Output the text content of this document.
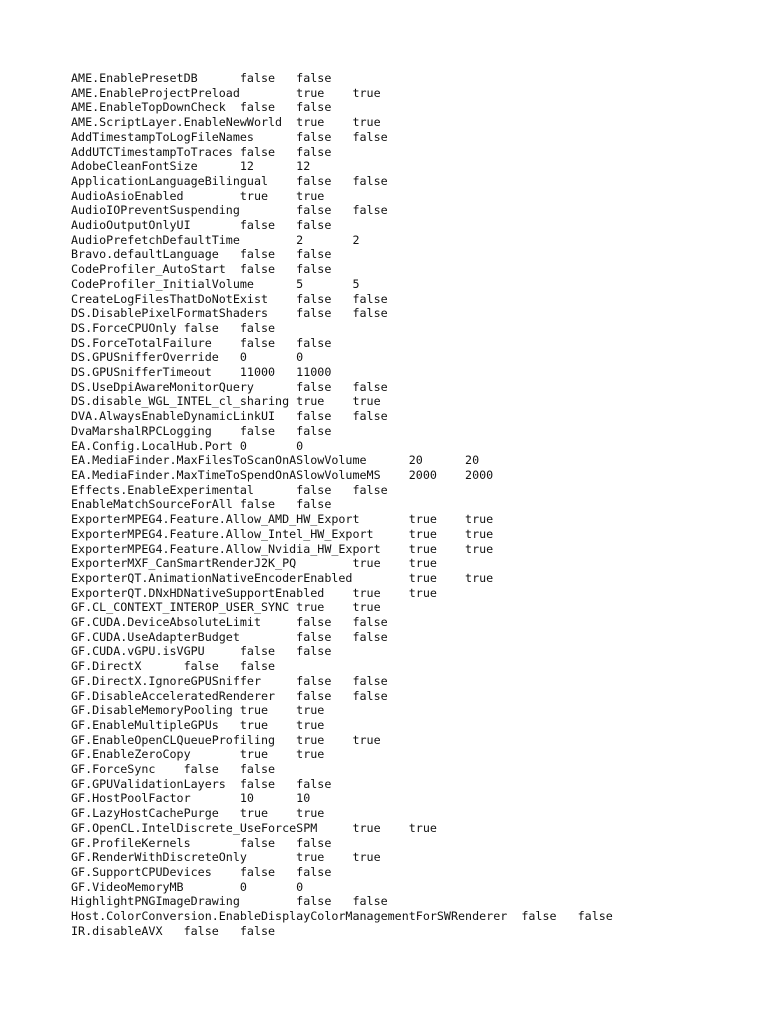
AME.EnablePresetDB      false   false
AME.EnableProjectPreload        true    true
AME.EnableTopDownCheck  false   false
AME.ScriptLayer.EnableNewWorld  true    true
AddTimestampToLogFileNames      false   false
AddUTCTimestampToTraces false   false
AdobeCleanFontSize      12      12
ApplicationLanguageBilingual    false   false
AudioAsioEnabled        true    true
AudioIOPreventSuspending        false   false
AudioOutputOnlyUI       false   false
AudioPrefetchDefaultTime        2       2
Bravo.defaultLanguage   false   false
CodeProfiler_AutoStart  false   false
CodeProfiler_InitialVolume      5       5
CreateLogFilesThatDoNotExist    false   false
DS.DisablePixelFormatShaders    false   false
DS.ForceCPUOnly false   false
DS.ForceTotalFailure    false   false
DS.GPUSnifferOverride   0       0
DS.GPUSnifferTimeout    11000   11000
DS.UseDpiAwareMonitorQuery      false   false
DS.disable_WGL_INTEL_cl_sharing true    true
DVA.AlwaysEnableDynamicLinkUI   false   false
DvaMarshalRPCLogging    false   false
EA.Config.LocalHub.Port 0       0
EA.MediaFinder.MaxFilesToScanOnASlowVolume      20      20
EA.MediaFinder.MaxTimeToSpendOnASlowVolumeMS    2000    2000
Effects.EnableExperimental      false   false
EnableMatchSourceForAll false   false
ExporterMPEG4.Feature.Allow_AMD_HW_Export       true    true
ExporterMPEG4.Feature.Allow_Intel_HW_Export     true    true
ExporterMPEG4.Feature.Allow_Nvidia_HW_Export    true    true
ExporterMXF_CanSmartRenderJ2K_PQ        true    true
ExporterQT.AnimationNativeEncoderEnabled        true    true
ExporterQT.DNxHDNativeSupportEnabled    true    true
GF.CL_CONTEXT_INTEROP_USER_SYNC true    true
GF.CUDA.DeviceAbsoluteLimit     false   false
GF.CUDA.UseAdapterBudget        false   false
GF.CUDA.vGPU.isVGPU     false   false
GF.DirectX      false   false
GF.DirectX.IgnoreGPUSniffer     false   false
GF.DisableAcceleratedRenderer   false   false
GF.DisableMemoryPooling true    true
GF.EnableMultipleGPUs   true    true
GF.EnableOpenCLQueueProfiling   true    true
GF.EnableZeroCopy       true    true
GF.ForceSync    false   false
GF.GPUValidationLayers  false   false
GF.HostPoolFactor       10      10
GF.LazyHostCachePurge   true    true
GF.OpenCL.IntelDiscrete_UseForceSPM     true    true
GF.ProfileKernels       false   false
GF.RenderWithDiscreteOnly       true    true
GF.SupportCPUDevices    false   false
GF.VideoMemoryMB        0       0
HighlightPNGImageDrawing        false   false
Host.ColorConversion.EnableDisplayColorManagementForSWRenderer  false   false
IR.disableAVX   false   false
